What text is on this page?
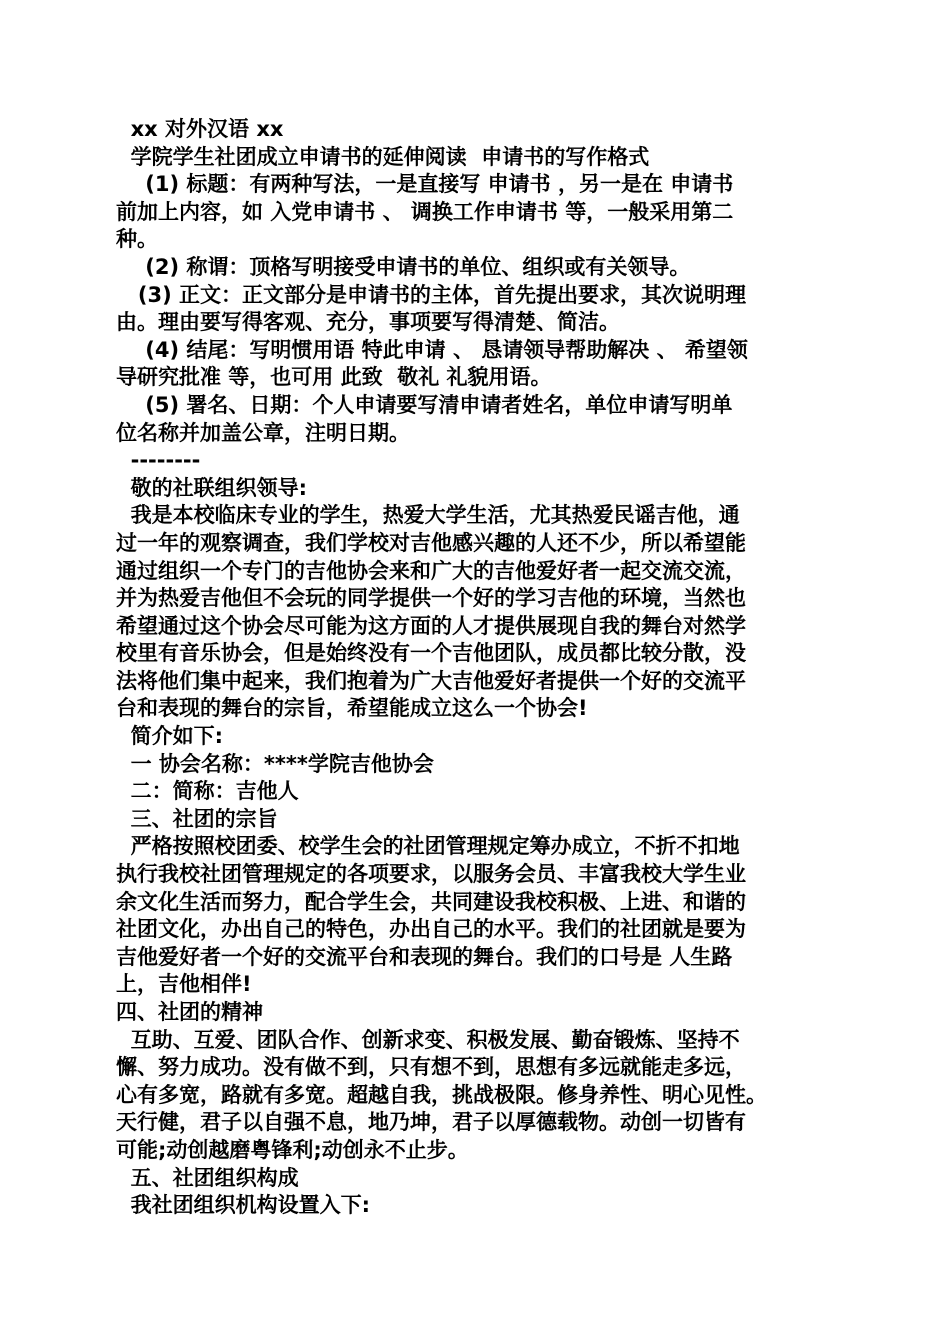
xx 对外汉语 xx
学院学生社团成立申请书的延伸阅读  申请书的写作格式
(1) 标题：有两种写法，一是直接写 申请书 ，另一是在 申请书
前加上内容，如 入党申请书 、 调换工作申请书 等，一般采用第二
种。
(2) 称谓：顶格写明接受申请书的单位、组织或有关领导。
(3) 正文：正文部分是申请书的主体，首先提出要求，其次说明理
由。理由要写得客观、充分，事项要写得清楚、简洁。
(4) 结尾：写明惯用语 特此申请 、 恳请领导帮助解决 、 希望领
导研究批准 等，也可用 此致  敬礼 礼貌用语。
(5) 署名、日期：个人申请要写清申请者姓名，单位申请写明单
位名称并加盖公章，注明日期。
--------
敬的社联组织领导:
我是本校临床专业的学生，热爱大学生活，尤其热爱民谣吉他，通
过一年的观察调查，我们学校对吉他感兴趣的人还不少，所以希望能
通过组织一个专门的吉他协会来和广大的吉他爱好者一起交流交流，
并为热爱吉他但不会玩的同学提供一个好的学习吉他的环境，当然也
希望通过这个协会尽可能为这方面的人才提供展现自我的舞台对然学
校里有音乐协会，但是始终没有一个吉他团队，成员都比较分散，没
法将他们集中起来，我们抱着为广大吉他爱好者提供一个好的交流平
台和表现的舞台的宗旨，希望能成立这么一个协会!
简介如下:
一 协会名称：****学院吉他协会
二：简称：吉他人
三、社团的宗旨
严格按照校团委、校学生会的社团管理规定筹办成立，不折不扣地
执行我校社团管理规定的各项要求，以服务会员、丰富我校大学生业
余文化生活而努力，配合学生会，共同建设我校积极、上进、和谐的
社团文化，办出自己的特色，办出自己的水平。我们的社团就是要为
吉他爱好者一个好的交流平台和表现的舞台。我们的口号是 人生路
上，吉他相伴!
四、社团的精神
互助、互爱、团队合作、创新求变、积极发展、勤奋锻炼、坚持不
懈、努力成功。没有做不到，只有想不到，思想有多远就能走多远，
心有多宽，路就有多宽。超越自我，挑战极限。修身养性、明心见性。
天行健，君子以自强不息，地乃坤，君子以厚德载物。动创一切皆有
可能;动创越磨粤锋利;动创永不止步。
五、社团组织构成
我社团组织机构设置入下:
